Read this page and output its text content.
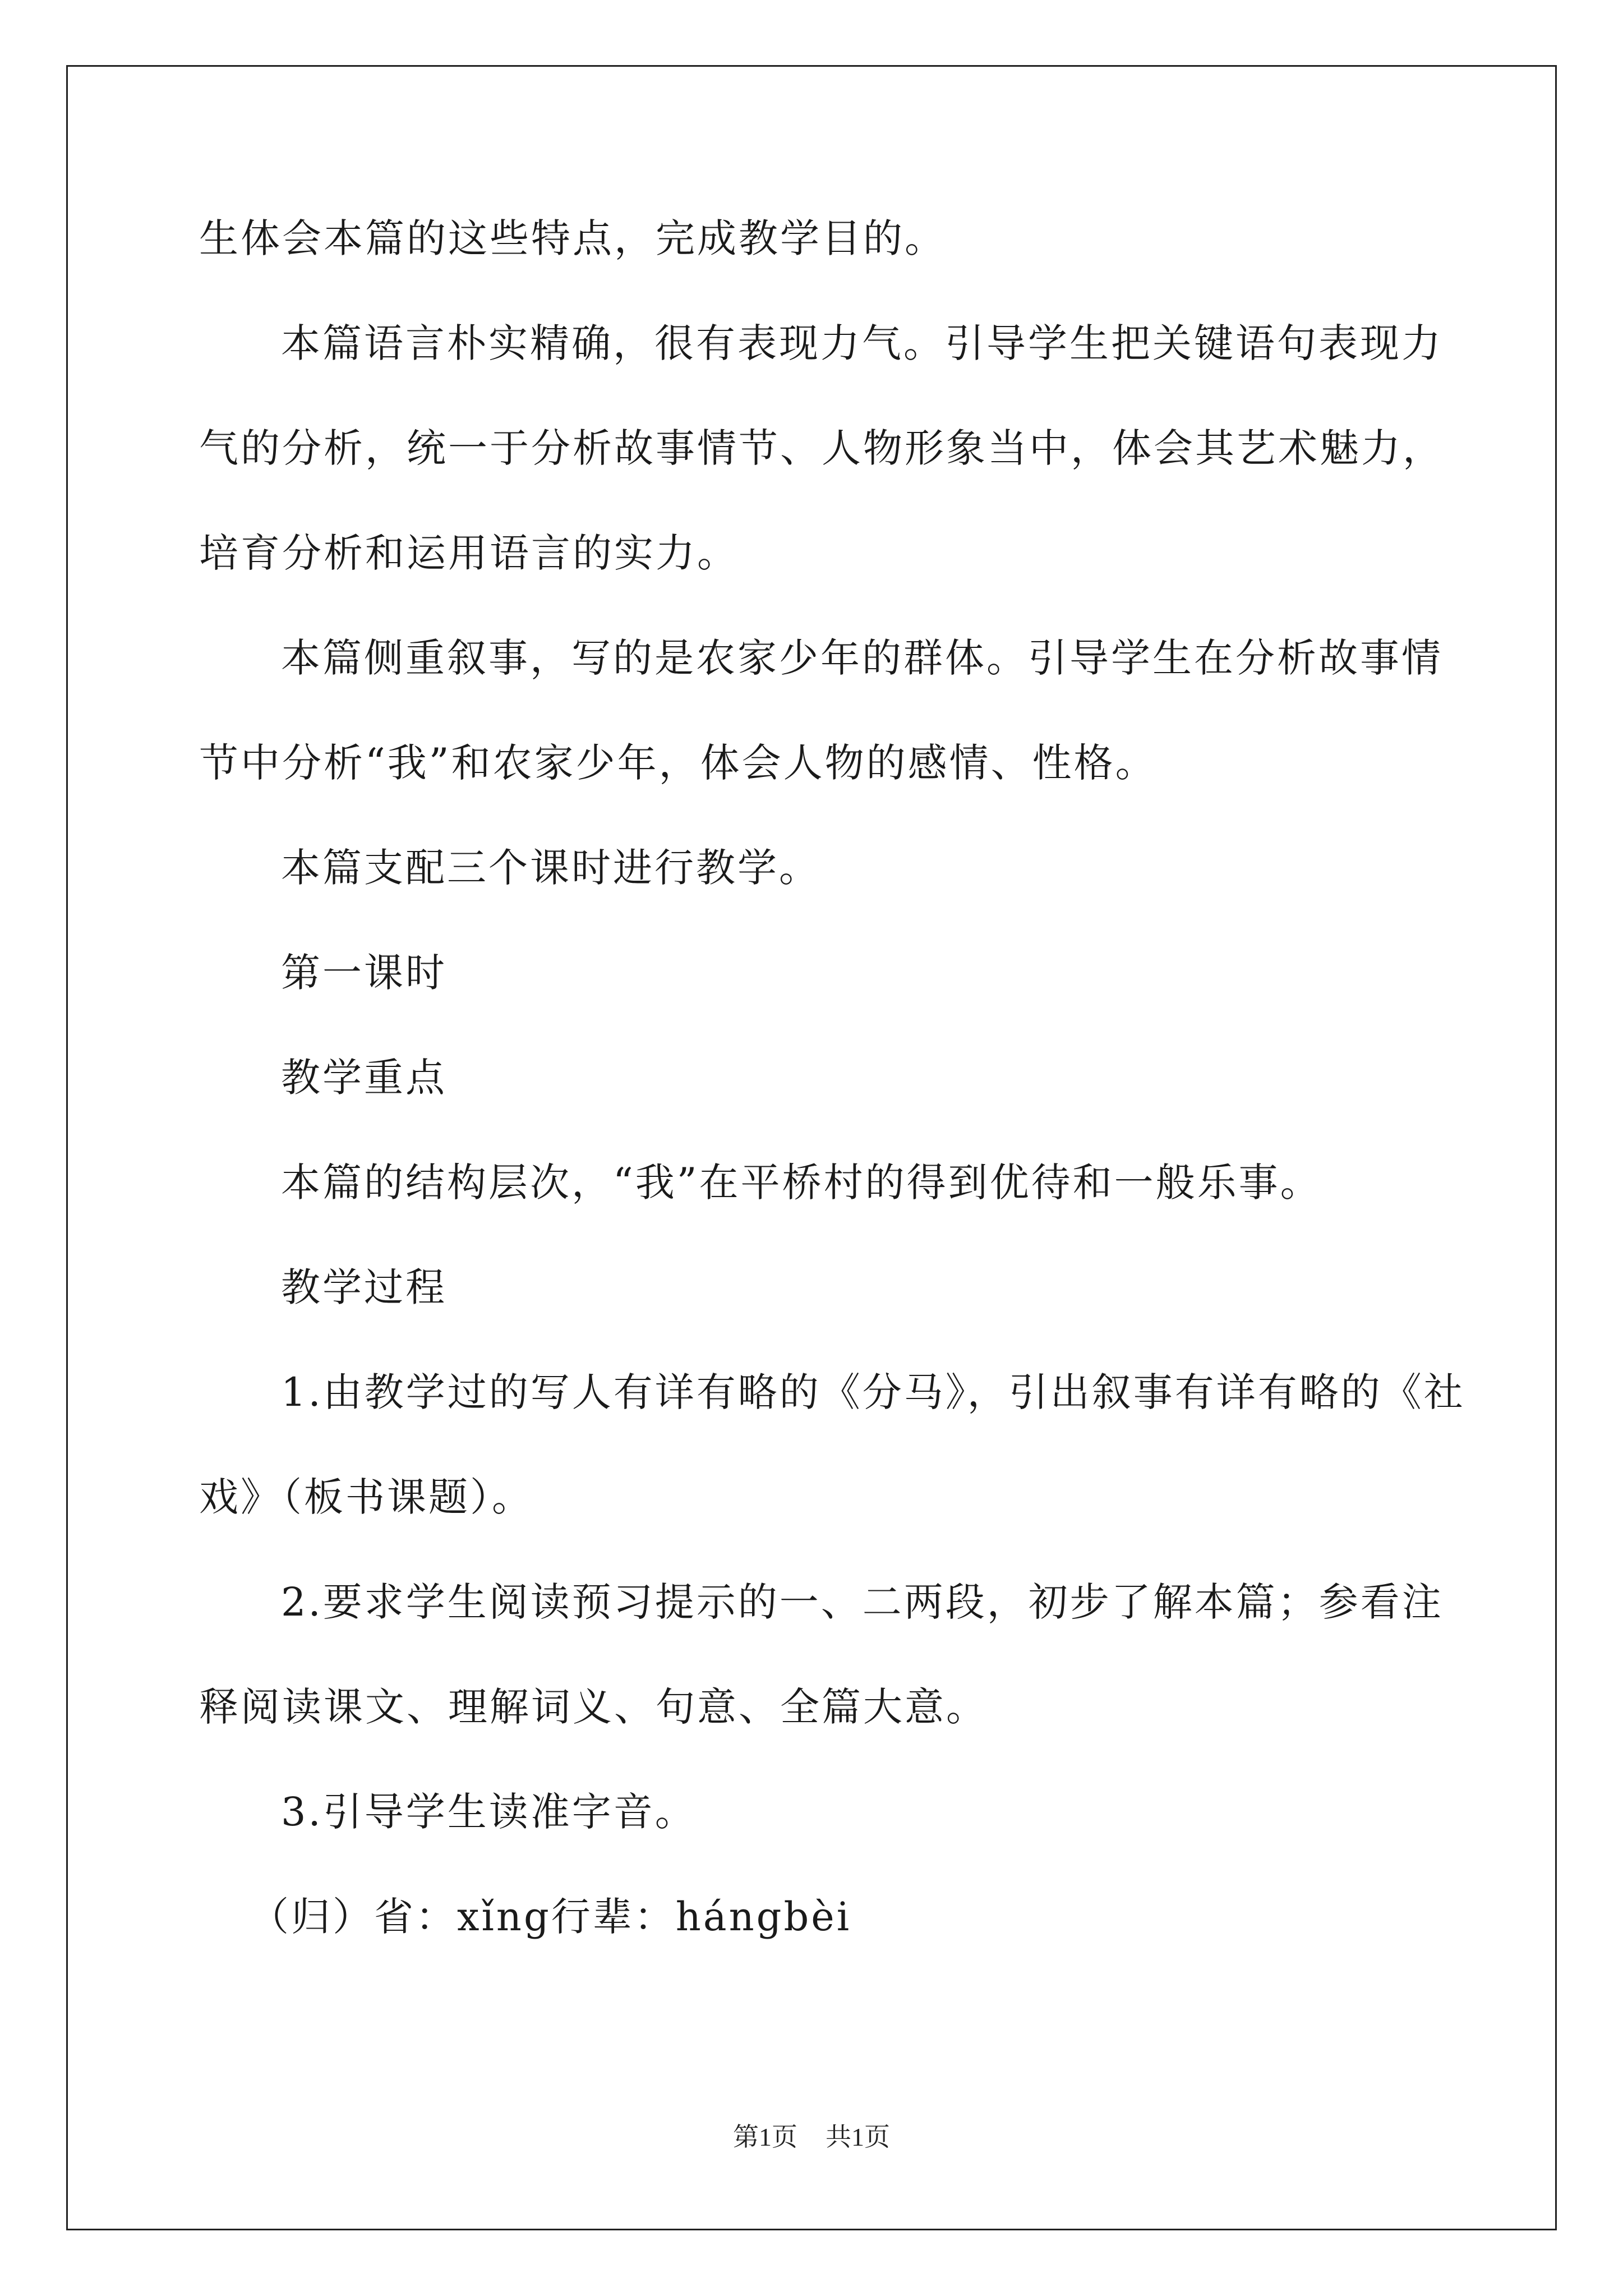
生体会本篇的这些特点，完成教学目的。
本篇语言朴实精确，很有表现力气。引导学生把关键语句表现力
气的分析，统一于分析故事情节、人物形象当中，体会其艺术魅力，
培育分析和运用语言的实力。
本篇侧重叙事，写的是农家少年的群体。引导学生在分析故事情
节中分析“我”和农家少年，体会人物的感情、性格。
本篇支配三个课时进行教学。
第一课时
教学重点
本篇的结构层次，“我”在平桥村的得到优待和一般乐事。
教学过程
1.由教学过的写人有详有略的《分马》，引出叙事有详有略的《社
戏》（板书课题）。
2.要求学生阅读预习提示的一、二两段，初步了解本篇；参看注
释阅读课文、理解词义、句意、全篇大意。
3.引导学生读准字音。
（归）省：xǐng行辈：hángbèi
第1页 共1页
